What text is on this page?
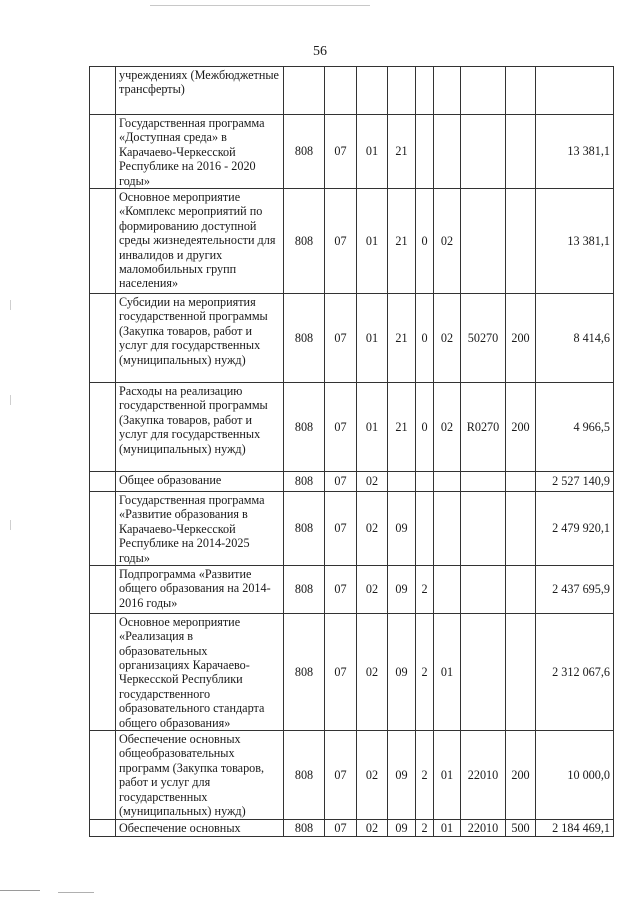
56
	учреждениях (Межбюджетные трансферты)									
	Государственная программа «Доступная среда» в Карачаево-Черкесской Республике на 2016 - 2020 годы»	808	07	01	21					13 381,1
	Основное мероприятие «Комплекс мероприятий по формированию доступной среды жизнедеятельности для инвалидов и других маломобильных групп населения»	808	07	01	21	0	02			13 381,1
	Субсидии на мероприятия государственной программы (Закупка товаров, работ и услуг для государственных (муниципальных) нужд)	808	07	01	21	0	02	50270	200	8 414,6
	Расходы на реализацию государственной программы (Закупка товаров, работ и услуг для государственных (муниципальных) нужд)	808	07	01	21	0	02	R0270	200	4 966,5
	Общее образование	808	07	02						2 527 140,9
	Государственная программа «Развитие образования в Карачаево-Черкесской Республике на 2014-2025 годы»	808	07	02	09					2 479 920,1
	Подпрограмма «Развитие общего образования на 2014-2016 годы»	808	07	02	09	2				2 437 695,9
	Основное мероприятие «Реализация в образовательных организациях Карачаево-Черкесской Республики государственного образовательного стандарта общего образования»	808	07	02	09	2	01			2 312 067,6
	Обеспечение основных общеобразовательных программ (Закупка товаров, работ и услуг для государственных (муниципальных) нужд)	808	07	02	09	2	01	22010	200	10 000,0
	Обеспечение основных	808	07	02	09	2	01	22010	500	2 184 469,1
